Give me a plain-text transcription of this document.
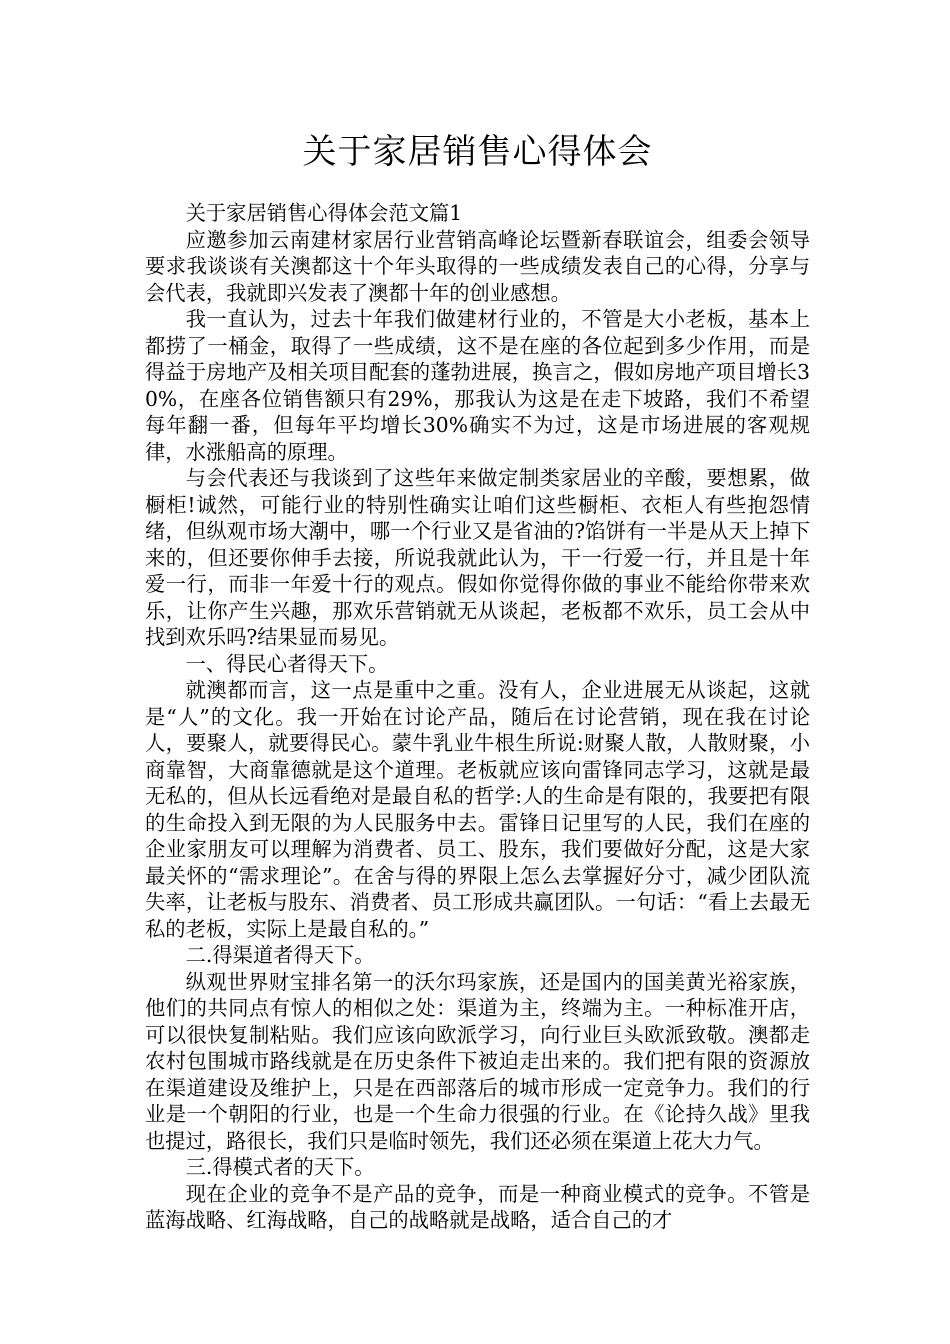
关于家居销售心得体会

关于家居销售心得体会范文篇1

应邀参加云南建材家居行业营销高峰论坛暨新春联谊会，组委会领导要求我谈谈有关澳都这十个年头取得的一些成绩发表自己的心得，分享与会代表，我就即兴发表了澳都十年的创业感想。

我一直认为，过去十年我们做建材行业的，不管是大小老板，基本上都捞了一桶金，取得了一些成绩，这不是在座的各位起到多少作用，而是得益于房地产及相关项目配套的蓬勃进展，换言之，假如房地产项目增长30%，在座各位销售额只有29%，那我认为这是在走下坡路，我们不希望每年翻一番，但每年平均增长30%确实不为过，这是市场进展的客观规律，水涨船高的原理。

与会代表还与我谈到了这些年来做定制类家居业的辛酸，要想累，做橱柜!诚然，可能行业的特别性确实让咱们这些橱柜、衣柜人有些抱怨情绪，但纵观市场大潮中，哪一个行业又是省油的?馅饼有一半是从天上掉下来的，但还要你伸手去接，所说我就此认为，干一行爱一行，并且是十年爱一行，而非一年爱十行的观点。假如你觉得你做的事业不能给你带来欢乐，让你产生兴趣，那欢乐营销就无从谈起，老板都不欢乐，员工会从中找到欢乐吗?结果显而易见。

一、得民心者得天下。

就澳都而言，这一点是重中之重。没有人，企业进展无从谈起，这就是“人”的文化。我一开始在讨论产品，随后在讨论营销，现在我在讨论人，要聚人，就要得民心。蒙牛乳业牛根生所说:财聚人散，人散财聚，小商靠智，大商靠德就是这个道理。老板就应该向雷锋同志学习，这就是最无私的，但从长远看绝对是最自私的哲学:人的生命是有限的，我要把有限的生命投入到无限的为人民服务中去。雷锋日记里写的人民，我们在座的企业家朋友可以理解为消费者、员工、股东，我们要做好分配，这是大家最关怀的“需求理论”。在舍与得的界限上怎么去掌握好分寸，减少团队流失率，让老板与股东、消费者、员工形成共赢团队。一句话：“看上去最无私的老板，实际上是最自私的。”

二.得渠道者得天下。

纵观世界财宝排名第一的沃尔玛家族，还是国内的国美黄光裕家族，他们的共同点有惊人的相似之处：渠道为主，终端为主。一种标准开店，可以很快复制粘贴。我们应该向欧派学习，向行业巨头欧派致敬。澳都走农村包围城市路线就是在历史条件下被迫走出来的。我们把有限的资源放在渠道建设及维护上，只是在西部落后的城市形成一定竞争力。我们的行业是一个朝阳的行业，也是一个生命力很强的行业。在《论持久战》里我也提过，路很长，我们只是临时领先，我们还必须在渠道上花大力气。

三.得模式者的天下。

现在企业的竞争不是产品的竞争，而是一种商业模式的竞争。不管是蓝海战略、红海战略，自己的战略就是战略，适合自己的才
